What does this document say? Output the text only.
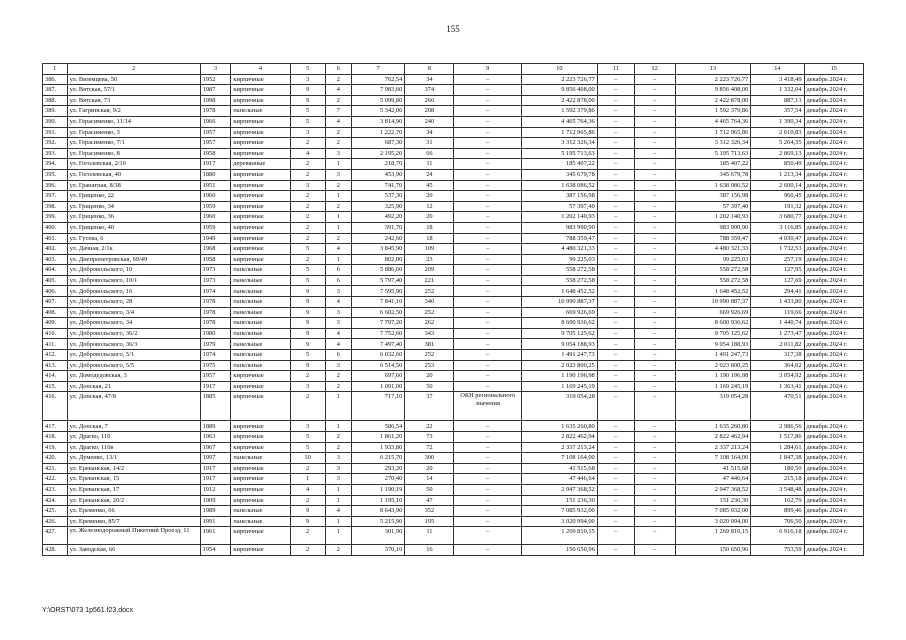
155
1	2	3	4	5	6	7	8	9	10	11	12	13	14	15
386.	ул. Вяземцева, 50	1952	кирпичные	3	2	762,54	34	–	2 223 726,77	–	–	2 223 726,77	3 418,49	декабрь 2024 г.
387.	ул. Вятская, 57/1	1987	кирпичные	9	4	7 983,60	374	–	9 856 408,00	–	–	9 856 408,00	1 332,04	декабрь 2024 г.
388.	ул. Вятская, 73	1998	кирпичные	9	2	5 099,80	266	–	2 422 878,00	–	–	2 422 878,00	887,13	декабрь 2024 г.
389.	ул. Гагринская, 9/2	1978	панельные	5	7	5 342,06	208	–	1 592 379,86	–	–	1 592 379,86	357,54	декабрь 2024 г.
390.	ул. Герасименко, 11/14	1966	кирпичные	5	4	3 814,90	240	–	4 465 764,36	–	–	4 465 764,36	1 390,34	декабрь 2024 г.
391.	ул. Герасименко, 3	1957	кирпичные	3	2	1 222,70	34	–	1 712 965,86	–	–	1 712 965,86	2 610,83	декабрь 2024 г.
392.	ул. Герасименко, 7/1	1957	кирпичные	2	2	687,30	31	–	3 312 326,34	–	–	3 312 326,34	5 264,35	декабрь 2024 г.
393.	ул. Герасименко, 8	1958	кирпичные	4	3	2 195,20	66	–	5 195 713,63	–	–	5 195 713,63	2 869,13	декабрь 2024 г.
394.	ул. Гоголевская, 2/16	1917	деревянные	2	1	218,70	11	–	185 407,22	–	–	185 407,22	850,49	декабрь 2024 г.
395.	ул. Гоголевская, 40	1880	кирпичные	2	3	453,90	24	–	345 679,78	–	–	345 679,78	1 213,34	декабрь 2024 г.
396.	ул. Гранатная, 8/38	1951	кирпичные	3	2	741,70	45	–	1 638 086,52	–	–	1 638 086,52	2 600,14	декабрь 2024 г.
397.	ул. Гриценко, 22	1960	кирпичные	2	1	537,30	20	–	387 156,98	–	–	387 156,98	960,45	декабрь 2024 г.
398.	ул. Гриценко, 34	1959	кирпичные	2	2	325,90	12	–	57 397,40	–	–	57 397,40	191,32	декабрь 2024 г.
399.	ул. Гриценко, 36	1960	кирпичные	2	1	492,20	20	–	1 202 140,93	–	–	1 202 140,93	3 680,77	декабрь 2024 г.
400.	ул. Гриценко, 40	1959	кирпичные	2	1	391,70	18	–	983 990,90	–	–	983 990,90	3 116,85	декабрь 2024 г.
401.	ул. Гусева, 6	1949	кирпичные	2	2	242,60	18	–	788 359,47	–	–	788 359,47	4 030,47	декабрь 2024 г.
402.	ул. Дачная, 2/1к	1968	кирпичные	5	4	3 845,90	109	–	4 480 321,33	–	–	4 480 321,33	1 732,53	декабрь 2024 г.
403.	ул. Днепропетровская, 69/49	1958	кирпичные	2	1	802,00	23	–	99 225,03	–	–	99 225,03	257,19	декабрь 2024 г.
404.	ул. Добровольского, 10	1973	панельные	5	6	5 886,60	209	–	558 272,58	–	–	558 272,58	127,95	декабрь 2024 г.
405.	ул. Добровольского, 10/1	1973	панельные	5	6	5 797,40	221	–	558 272,58	–	–	558 272,58	127,69	декабрь 2024 г.
406.	ул. Добровольского, 16	1974	панельные	9	3	7 595,90	252	–	1 648 452,52	–	–	1 648 452,52	294,41	декабрь 2024 г.
407.	ул. Добровольского, 28	1978	панельные	9	4	7 841,10	340	–	10 990 887,37	–	–	10 990 887,37	1 433,80	декабрь 2024 г.
408.	ул. Добровольского, 3/4	1978	панельные	9	3	6 602,50	252	–	669 926,69	–	–	669 926,69	119,66	декабрь 2024 г.
409.	ул. Добровольского, 34	1978	панельные	9	3	7 797,20	262	–	8 600 936,62	–	–	8 600 936,62	1 440,74	декабрь 2024 г.
410.	ул. Добровольского, 36/2	1980	панельные	9	4	7 752,60	343	–	9 705 125,62	–	–	9 705 125,62	1 273,47	декабрь 2024 г.
411.	ул. Добровольского, 36/3	1979	панельные	9	4	7 497,40	381	–	9 054 188,93	–	–	9 054 188,93	2 011,82	декабрь 2024 г.
412.	ул. Добровольского, 5/1	1974	панельные	5	6	6 032,60	252	–	1 491 247,73	–	–	1 491 247,73	317,38	декабрь 2024 г.
413.	ул. Добровольского, 5/5	1975	панельные	9	3	6 514,50	253	–	2 023 800,25	–	–	2 023 800,25	364,02	декабрь 2024 г.
414.	ул. Домодедовская, 3	1957	кирпичные	2	2	697,60	20	–	1 190 196,98	–	–	1 190 196,98	3 054,92	декабрь 2024 г.
415.	ул. Донская, 21	1917	кирпичные	3	2	1 091,00	50	–	1 169 245,19	–	–	1 169 245,19	1 363,41	декабрь 2024 г.
416.	ул. Донская, 47/8	1885	кирпичные	2	1	717,10	37	ОКН регионального значения	319 054,28	–	–	319 054,28	470,51	декабрь 2024 г.
417.	ул. Донская, 7	1889	кирпичные	3	1	586,54	22	–	1 635 260,80	–	–	1 635 260,80	2 986,56	декабрь 2024 г.
418.	ул. Драгко, 110	1963	кирпичные	5	2	1 861,20	73	–	2 822 462,94	–	–	2 822 462,94	1 517,86	декабрь 2024 г.
419.	ул. Драгко, 110в	1967	кирпичные	5	2	1 933,80	72	–	2 337 213,24	–	–	2 337 213,24	1 284,61	декабрь 2024 г.
420.	ул. Думенко, 13/1	1997	панельные	10	3	6 215,70	300	–	7 108 164,00	–	–	7 108 164,00	1 847,38	декабрь 2024 г.
421.	ул. Ереванская, 14/2	1917	кирпичные	2	3	293,20	20	–	41 515,68	–	–	41 515,68	180,50	декабрь 2024 г.
422.	ул. Ереванская, 15	1917	кирпичные	1	3	270,40	14	–	47 446,64	–	–	47 446,64	215,18	декабрь 2024 г.
423.	ул. Ереванская, 17	1912	кирпичные	4	1	1 190,19	50	–	2 947 368,52	–	–	2 947 368,52	3 548,48	декабрь 2024 г.
424.	ул. Ереванская, 20/2	1909	кирпичные	2	1	1 195,10	47	–	151 236,30	–	–	151 236,30	162,79	декабрь 2024 г.
425.	ул. Еременко, 66	1989	панельные	9	4	8 643,90	352	–	7 085 932,00	–	–	7 085 932,00	899,46	декабрь 2024 г.
426.	ул. Еременко, 85/7	1991	панельные	9	1	5 215,90	195	–	3 020 994,00	–	–	3 020 994,00	706,50	декабрь 2024 г.
427.	ул. Железнодорожный Пикетний Проезд, 11	1961	кирпичные	2	1	301,90	11	–	1 269 810,15	–	–	1 269 810,15	6 916,18	декабрь 2024 г.
428.	ул. Заводская, 66	1954	кирпичные	2	2	370,10	16	–	150 650,96	–	–	150 650,96	753,59	декабрь 2024 г.
Y:\ORST\073 1p561.f23.docx
